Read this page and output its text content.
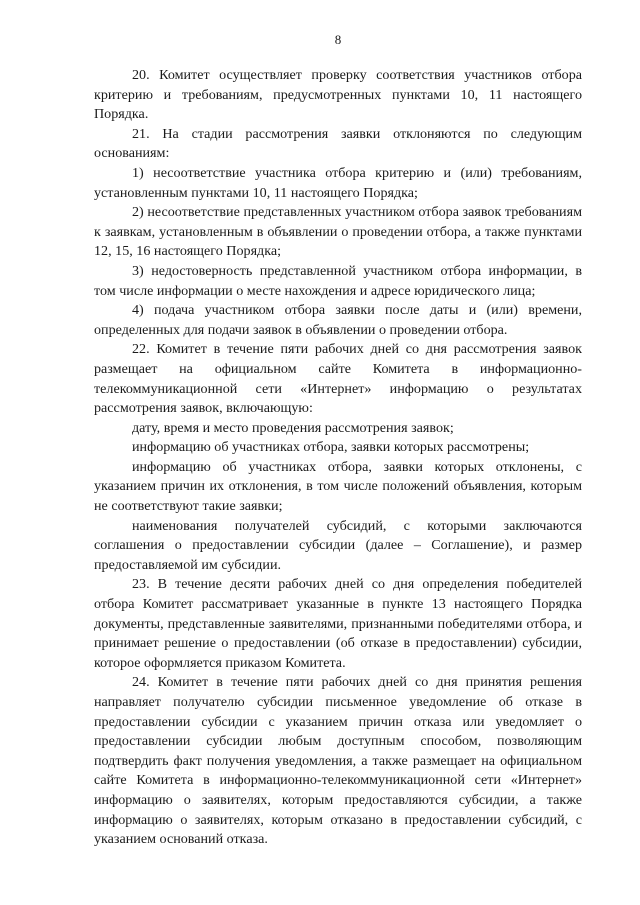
8

20. Комитет осуществляет проверку соответствия участников отбора критерию и требованиям, предусмотренных пунктами 10, 11 настоящего Порядка.

21. На стадии рассмотрения заявки отклоняются по следующим основаниям:

1) несоответствие участника отбора критерию и (или) требованиям, установленным пунктами 10, 11 настоящего Порядка;

2) несоответствие представленных участником отбора заявок требованиям к заявкам, установленным в объявлении о проведении отбора, а также пунктами 12, 15, 16 настоящего Порядка;

3) недостоверность представленной участником отбора информации, в том числе информации о месте нахождения и адресе юридического лица;

4) подача участником отбора заявки после даты и (или) времени, определенных для подачи заявок в объявлении о проведении отбора.

22. Комитет в течение пяти рабочих дней со дня рассмотрения заявок размещает на официальном сайте Комитета в информационно-телекоммуникационной сети «Интернет» информацию о результатах рассмотрения заявок, включающую:

дату, время и место проведения рассмотрения заявок;

информацию об участниках отбора, заявки которых рассмотрены;

информацию об участниках отбора, заявки которых отклонены, с указанием причин их отклонения, в том числе положений объявления, которым не соответствуют такие заявки;

наименования получателей субсидий, с которыми заключаются соглашения о предоставлении субсидии (далее – Соглашение), и размер предоставляемой им субсидии.

23. В течение десяти рабочих дней со дня определения победителей отбора Комитет рассматривает указанные в пункте 13 настоящего Порядка документы, представленные заявителями, признанными победителями отбора, и принимает решение о предоставлении (об отказе в предоставлении) субсидии, которое оформляется приказом Комитета.

24. Комитет в течение пяти рабочих дней со дня принятия решения направляет получателю субсидии письменное уведомление об отказе в предоставлении субсидии с указанием причин отказа или уведомляет о предоставлении субсидии любым доступным способом, позволяющим подтвердить факт получения уведомления, а также размещает на официальном сайте Комитета в информационно-телекоммуникационной сети «Интернет» информацию о заявителях, которым предоставляются субсидии, а также информацию о заявителях, которым отказано в предоставлении субсидий, с указанием оснований отказа.
